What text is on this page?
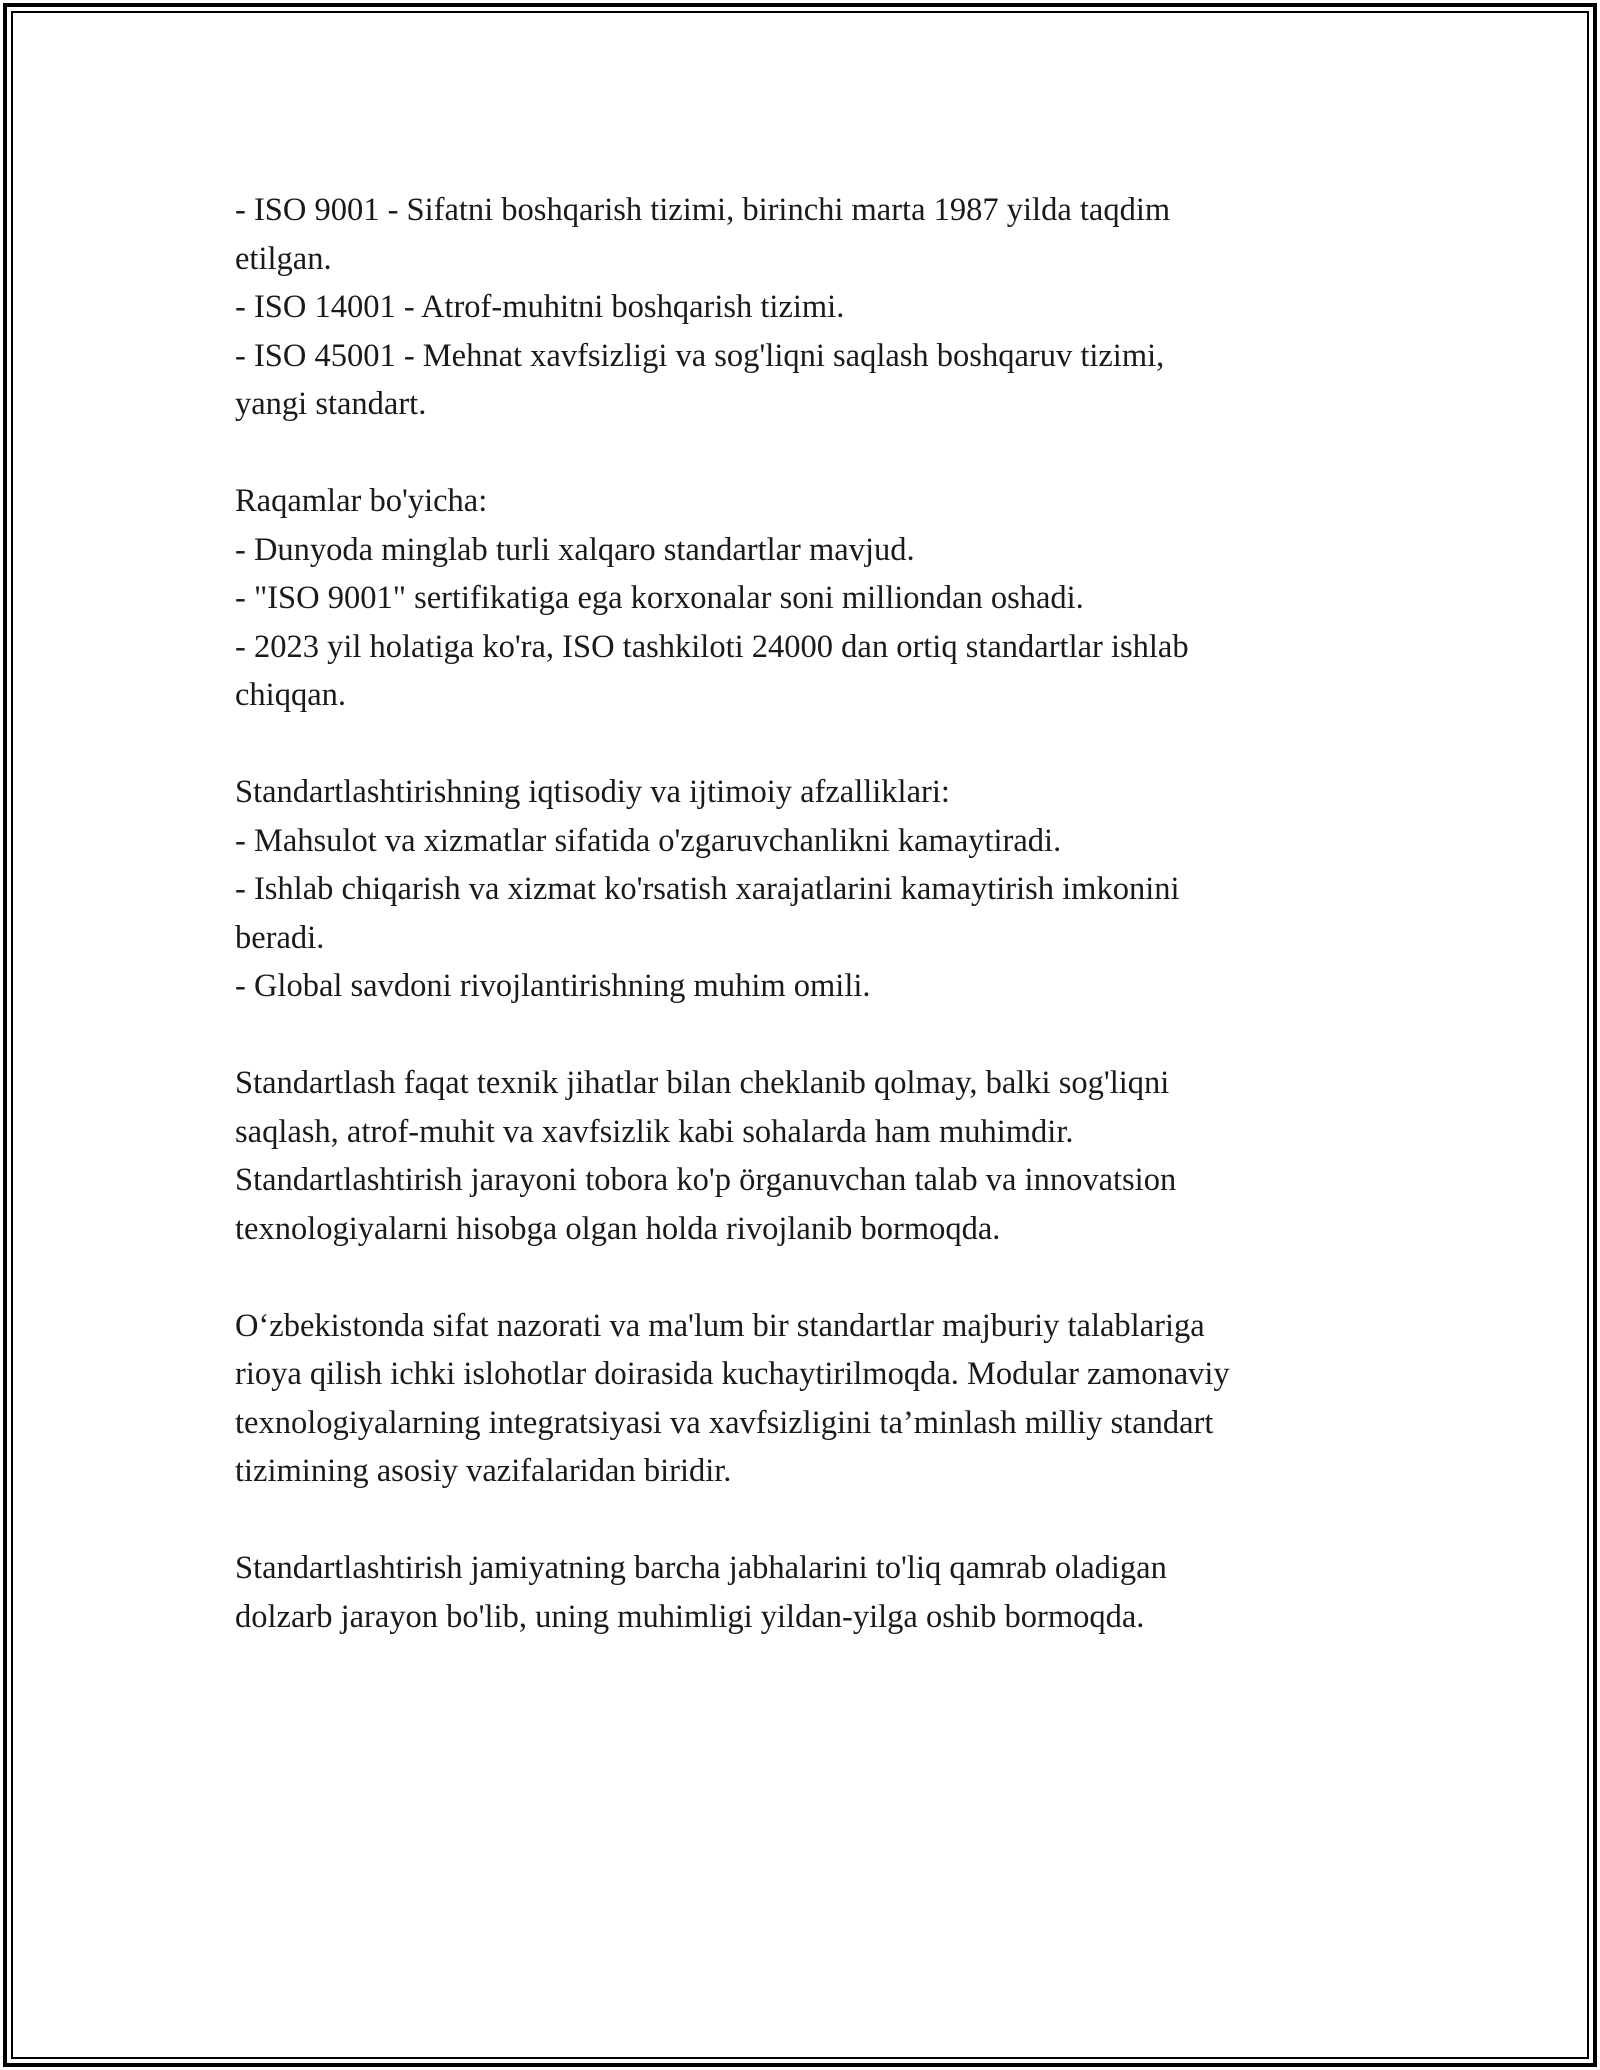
- ISO 9001 - Sifatni boshqarish tizimi, birinchi marta 1987 yilda taqdim
etilgan.
- ISO 14001 - Atrof-muhitni boshqarish tizimi.
- ISO 45001 - Mehnat xavfsizligi va sog'liqni saqlash boshqaruv tizimi,
yangi standart.

Raqamlar bo'yicha:
- Dunyoda minglab turli xalqaro standartlar mavjud.
- "ISO 9001" sertifikatiga ega korxonalar soni milliondan oshadi.
- 2023 yil holatiga ko'ra, ISO tashkiloti 24000 dan ortiq standartlar ishlab
chiqqan.

Standartlashtirishning iqtisodiy va ijtimoiy afzalliklari:
- Mahsulot va xizmatlar sifatida o'zgaruvchanlikni kamaytiradi.
- Ishlab chiqarish va xizmat ko'rsatish xarajatlarini kamaytirish imkonini
beradi.
- Global savdoni rivojlantirishning muhim omili.

Standartlash faqat texnik jihatlar bilan cheklanib qolmay, balki sog'liqni
saqlash, atrof-muhit va xavfsizlik kabi sohalarda ham muhimdir.
Standartlashtirish jarayoni tobora ko'p örganuvchan talab va innovatsion
texnologiyalarni hisobga olgan holda rivojlanib bormoqda.

O‘zbekistonda sifat nazorati va ma'lum bir standartlar majburiy talablariga
rioya qilish ichki islohotlar doirasida kuchaytirilmoqda. Modular zamonaviy
texnologiyalarning integratsiyasi va xavfsizligini ta’minlash milliy standart
tizimining asosiy vazifalaridan biridir.

Standartlashtirish jamiyatning barcha jabhalarini to'liq qamrab oladigan
dolzarb jarayon bo'lib, uning muhimligi yildan-yilga oshib bormoqda.
